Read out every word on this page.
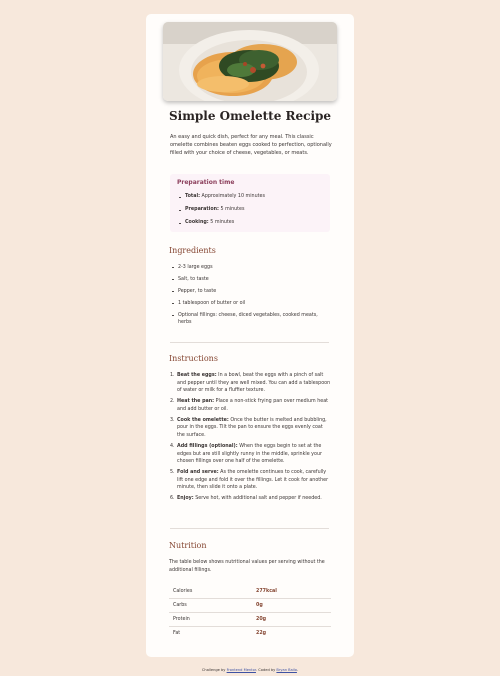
Simple Omelette Recipe

An easy and quick dish, perfect for any meal. This classic omelette combines beaten eggs cooked to perfection, optionally filled with your choice of cheese, vegetables, or meats.

Preparation time
Total: Approximately 10 minutes
Preparation: 5 minutes
Cooking: 5 minutes
Ingredients
2-3 large eggs
Salt, to taste
Pepper, to taste
1 tablespoon of butter or oil
Optional fillings: cheese, diced vegetables, cooked meats, herbs
Instructions
1. Beat the eggs: In a bowl, beat the eggs with a pinch of salt and pepper until they are well mixed. You can add a tablespoon of water or milk for a fluffier texture.
2. Heat the pan: Place a non-stick frying pan over medium heat and add butter or oil.
3. Cook the omelette: Once the butter is melted and bubbling, pour in the eggs. Tilt the pan to ensure the eggs evenly coat the surface.
4. Add fillings (optional): When the eggs begin to set at the edges but are still slightly runny in the middle, sprinkle your chosen fillings over one half of the omelette.
5. Fold and serve: As the omelette continues to cook, carefully lift one edge and fold it over the fillings. Let it cook for another minute, then slide it onto a plate.
6. Enjoy: Serve hot, with additional salt and pepper if needed.
Nutrition

The table below shows nutritional values per serving without the additional fillings.

Calories	277kcal
Carbs	0g
Protein	20g
Fat	22g
Challenge by Frontend Mentor. Coded by Bryan Bailo.
